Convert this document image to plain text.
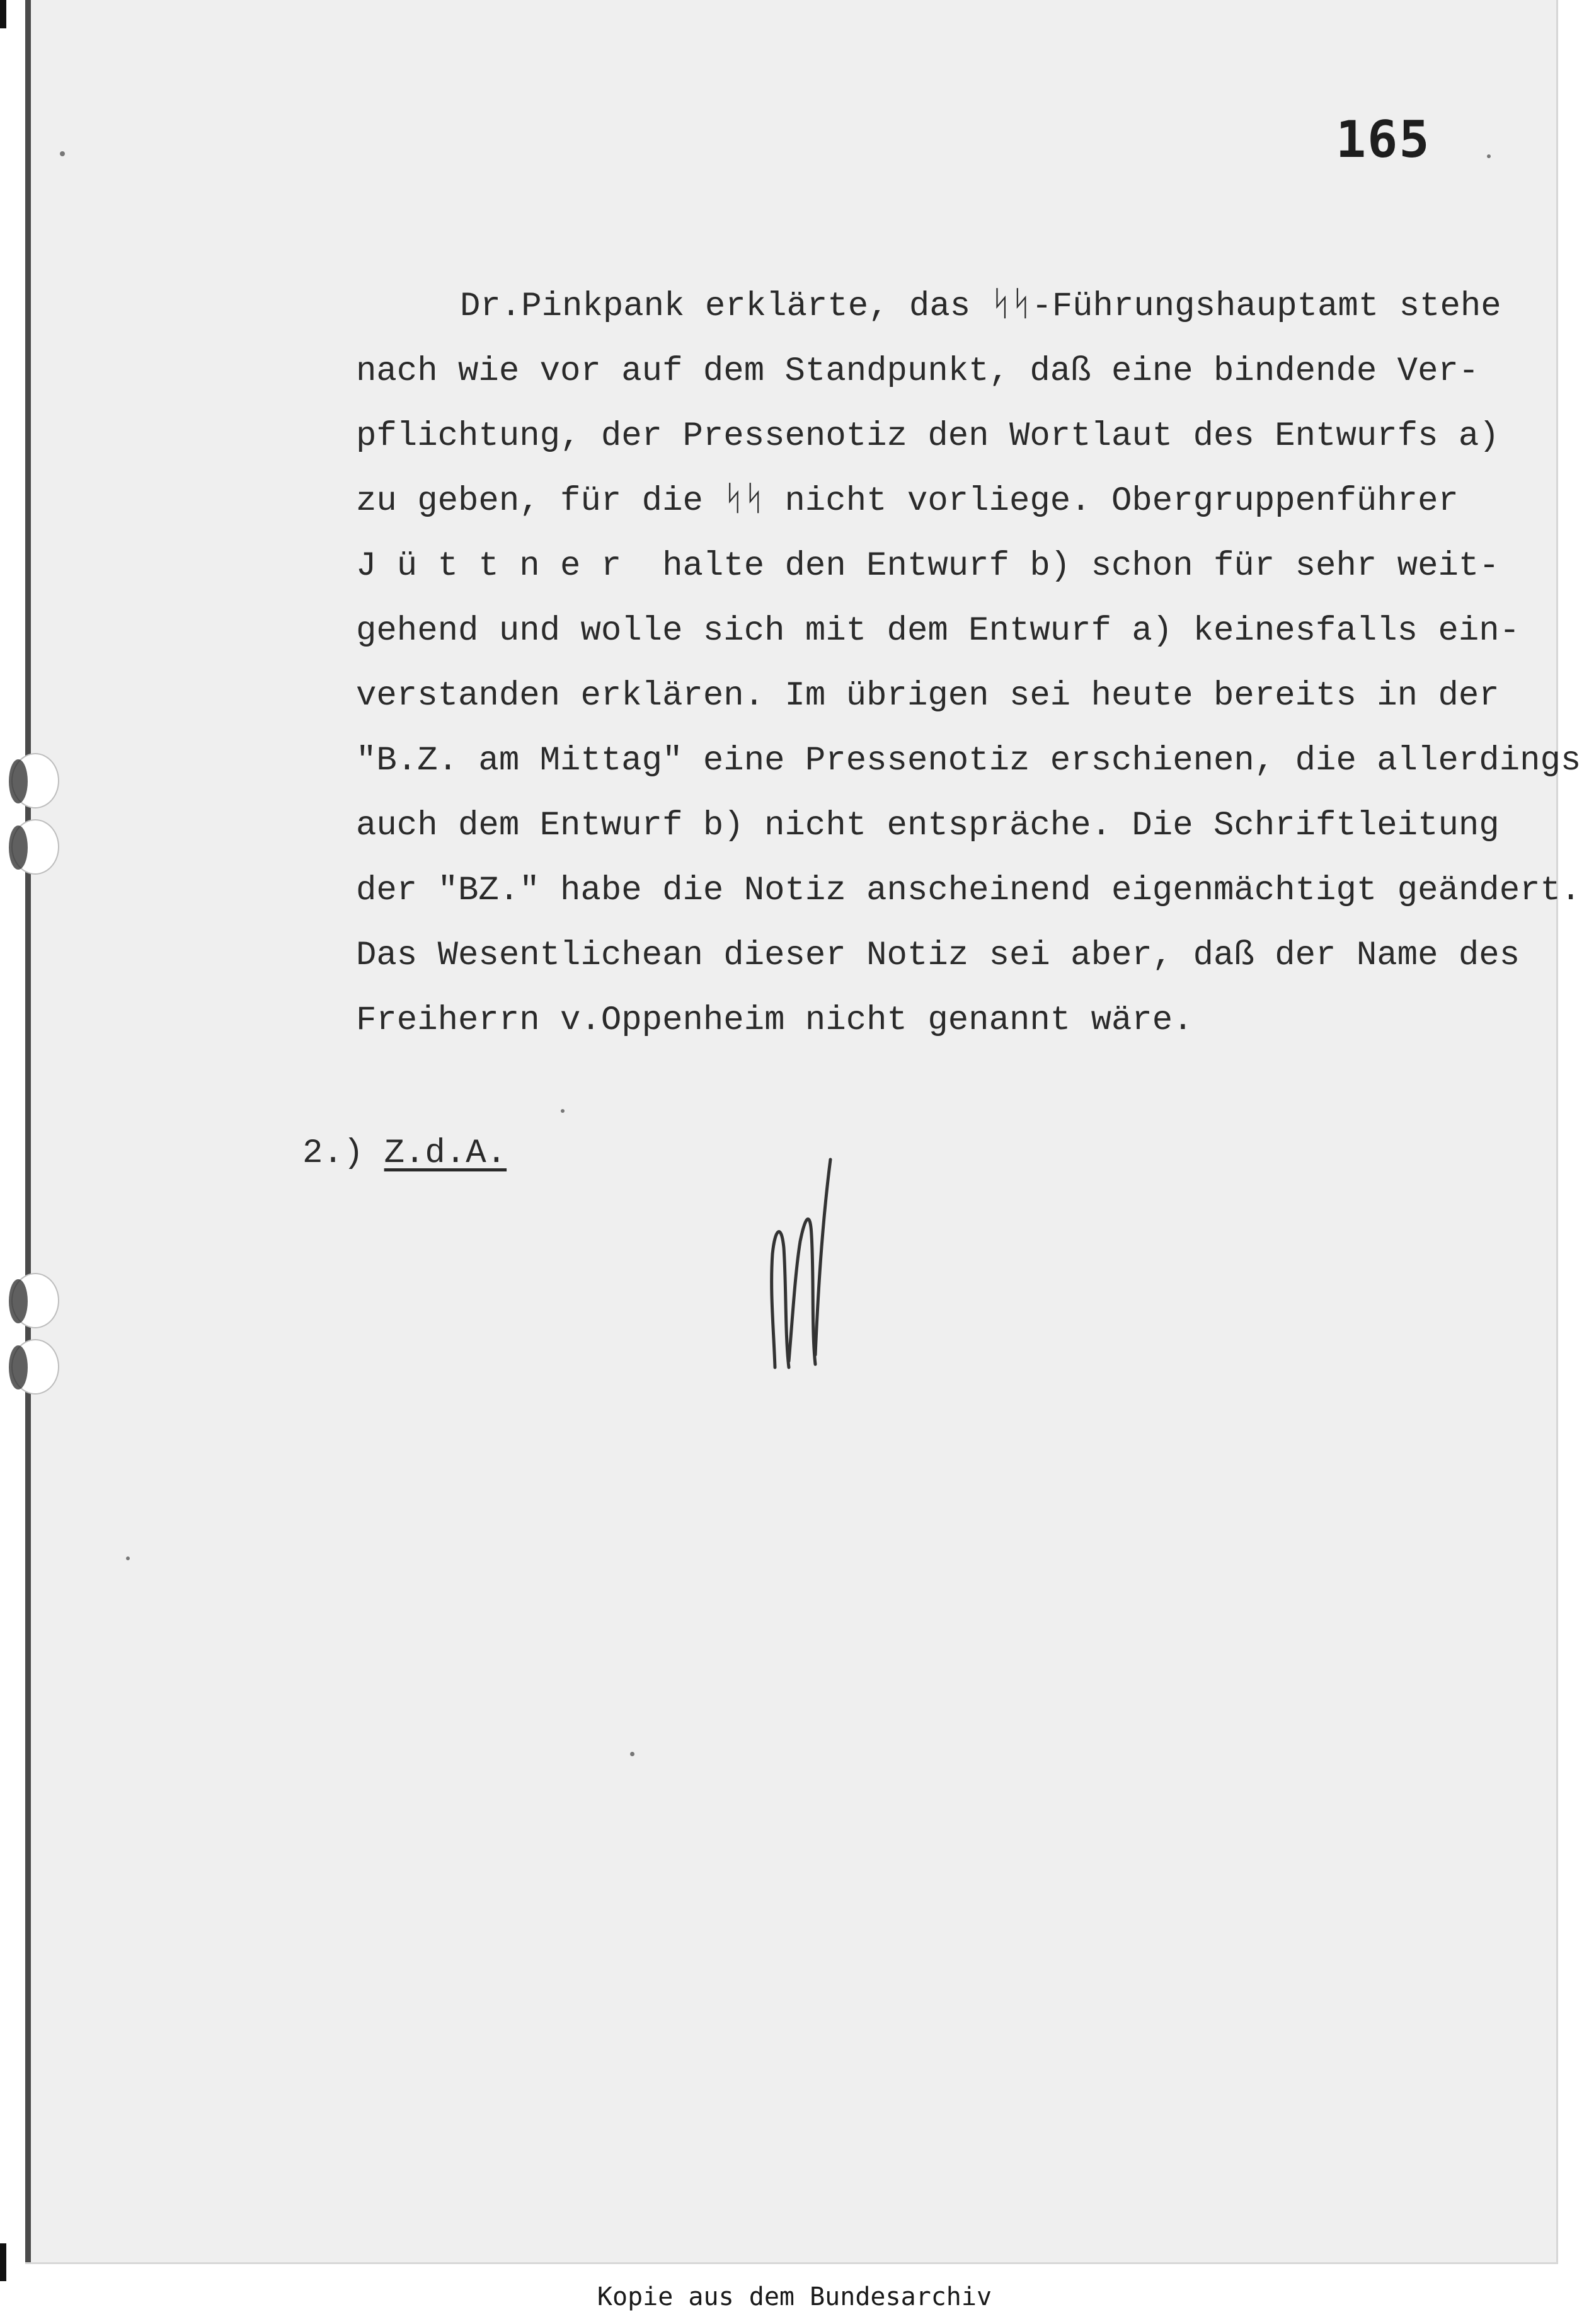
165
Dr.Pinkpank erklärte, das ᛋᛋ-Führungshauptamt stehe
nach wie vor auf dem Standpunkt, daß eine bindende Ver-
pflichtung, der Pressenotiz den Wortlaut des Entwurfs a)
zu geben, für die ᛋᛋ nicht vorliege. Obergruppenführer
J ü t t n e r  halte den Entwurf b) schon für sehr weit-
gehend und wolle sich mit dem Entwurf a) keinesfalls ein-
verstanden erklären. Im übrigen sei heute bereits in der
"B.Z. am Mittag" eine Pressenotiz erschienen, die allerdings
auch dem Entwurf b) nicht entspräche. Die Schriftleitung
der "BZ." habe die Notiz anscheinend eigenmächtigt geändert.
Das Wesentlichean dieser Notiz sei aber, daß der Name des
Freiherrn v.Oppenheim nicht genannt wäre.
2.) Z.d.A.
Kopie aus dem Bundesarchiv
